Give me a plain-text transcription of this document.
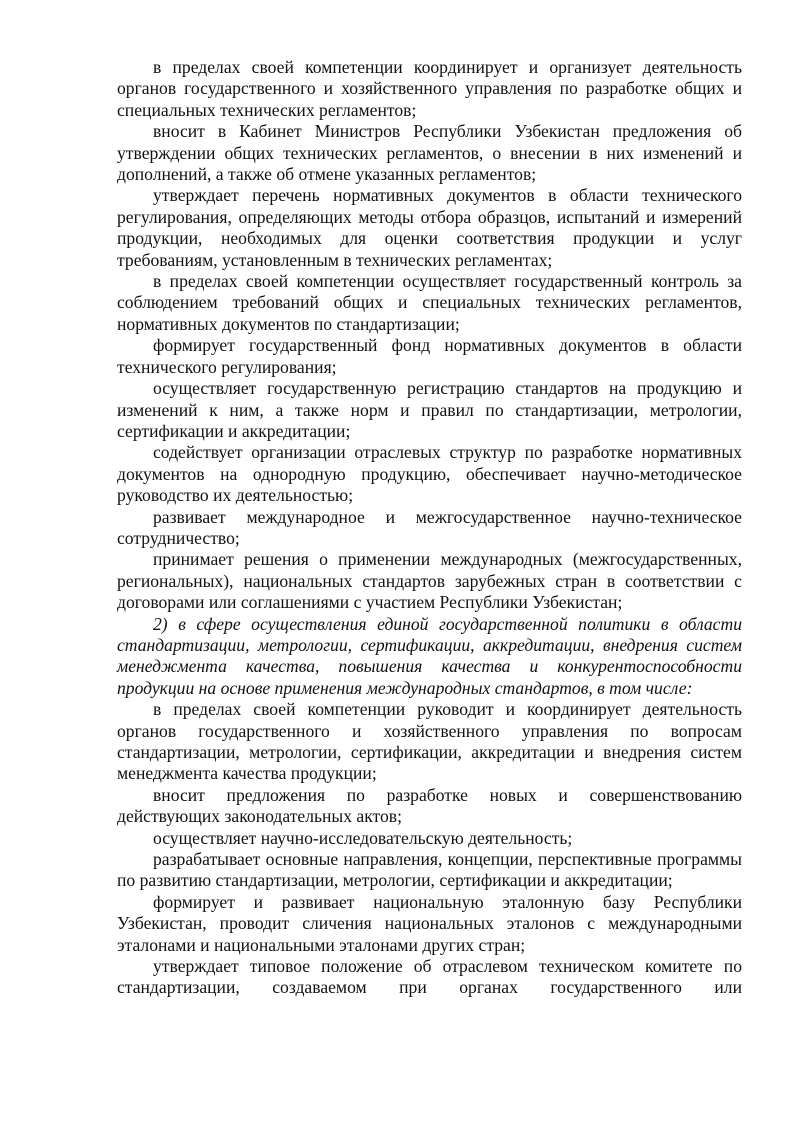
в пределах своей компетенции координирует и организует деятельность органов государственного и хозяйственного управления по разработке общих и специальных технических регламентов;

вносит в Кабинет Министров Республики Узбекистан предложения об утверждении общих технических регламентов, о внесении в них изменений и дополнений, а также об отмене указанных регламентов;

утверждает перечень нормативных документов в области технического регулирования, определяющих методы отбора образцов, испытаний и измерений продукции, необходимых для оценки соответствия продукции и услуг требованиям, установленным в технических регламентах;

в пределах своей компетенции осуществляет государственный контроль за соблюдением требований общих и специальных технических регламентов, нормативных документов по стандартизации;

формирует государственный фонд нормативных документов в области технического регулирования;

осуществляет государственную регистрацию стандартов на продукцию и изменений к ним, а также норм и правил по стандартизации, метрологии, сертификации и аккредитации;

содействует организации отраслевых структур по разработке нормативных документов на однородную продукцию, обеспечивает научно-методическое руководство их деятельностью;

развивает международное и межгосударственное научно-техническое сотрудничество;

принимает решения о применении международных (межгосударственных, региональных), национальных стандартов зарубежных стран в соответствии с договорами или соглашениями с участием Республики Узбекистан;

2) в сфере осуществления единой государственной политики в области стандартизации, метрологии, сертификации, аккредитации, внедрения систем менеджмента качества, повышения качества и конкурентоспособности продукции на основе применения международных стандартов, в том числе:

в пределах своей компетенции руководит и координирует деятельность органов государственного и хозяйственного управления по вопросам стандартизации, метрологии, сертификации, аккредитации и внедрения систем менеджмента качества продукции;

вносит предложения по разработке новых и совершенствованию действующих законодательных актов;

осуществляет научно-исследовательскую деятельность;

разрабатывает основные направления, концепции, перспективные программы по развитию стандартизации, метрологии, сертификации и аккредитации;

формирует и развивает национальную эталонную базу Республики Узбекистан, проводит сличения национальных эталонов с международными эталонами и национальными эталонами других стран;

утверждает типовое положение об отраслевом техническом комитете по стандартизации, создаваемом при органах государственного или
